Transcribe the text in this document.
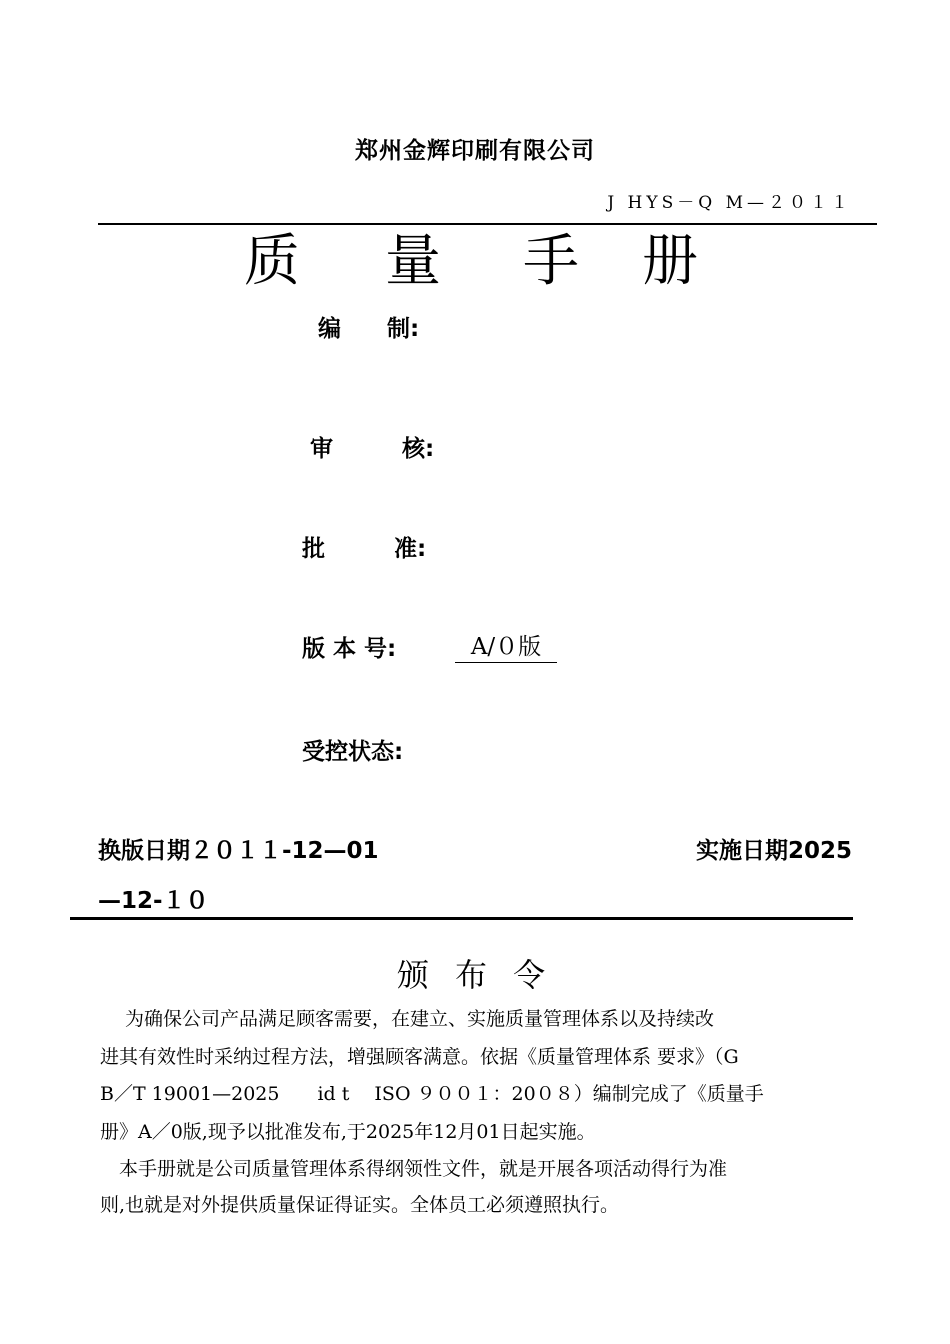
郑州金辉印刷有限公司
J HYS－Q M—２０１１
质 量 手 册
编　　制:
审　　　核:
批　　　准:
版 本 号:	A/０版
受控状态:
换版日期２０１１-12—01	实施日期2025
—12-１０
颁 布 令
　 为确保公司产品满足顾客需要，在建立、实施质量管理体系以及持续改
进其有效性时采纳过程方法，增强顾客满意。依据《质量管理体系 要求》（G
B／T 19001—2025　　id t　 ISO ９００１：20０８）编制完成了《质量手
册》A／0版,现予以批准发布,于2025年12月01日起实施。
　本手册就是公司质量管理体系得纲领性文件，就是开展各项活动得行为准
则,也就是对外提供质量保证得证实。全体员工必须遵照执行。
